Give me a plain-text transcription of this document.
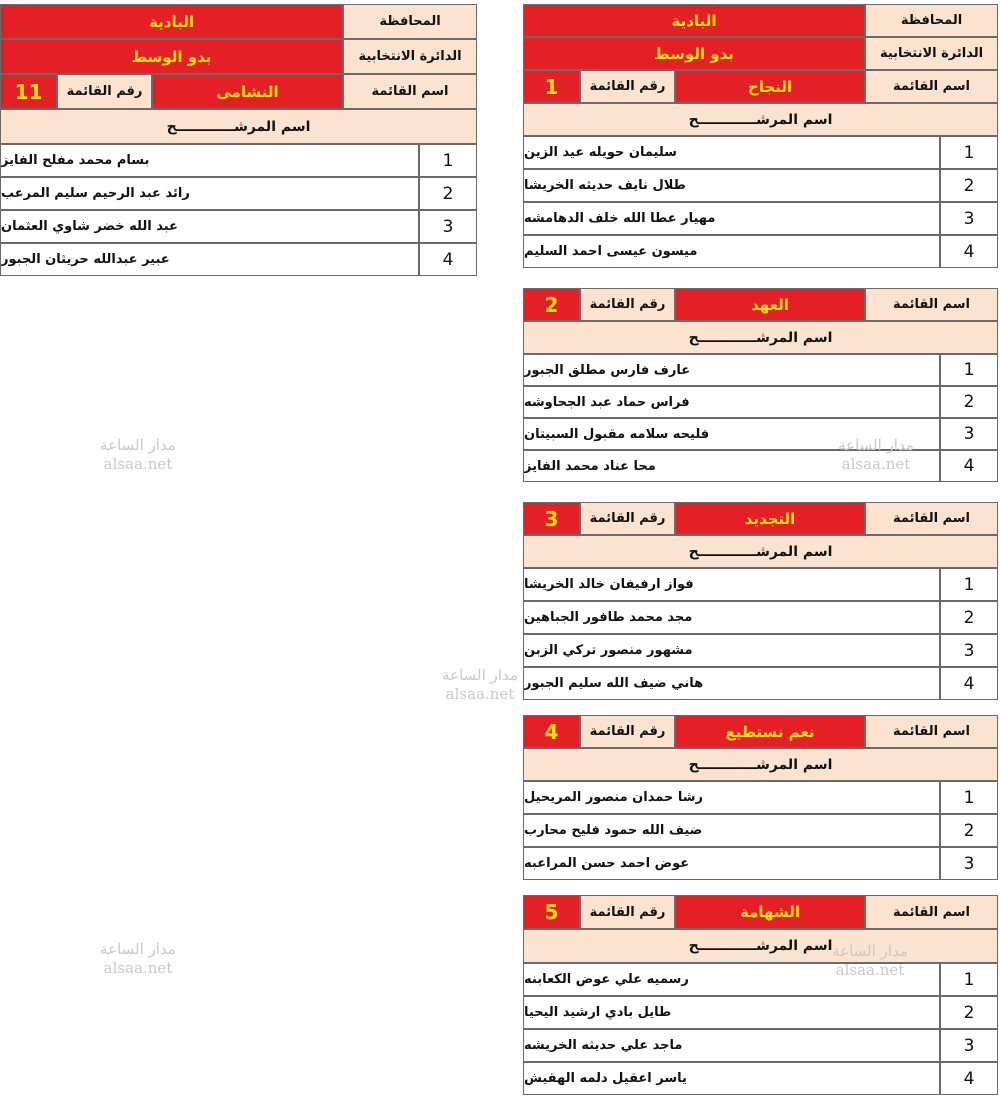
المحافظة
البادية
الدائرة الانتخابية
بدو الوسط
اسم القائمة
النجاح
رقم القائمة
1
اسم المرشــــــــــــح
1
سليمان حويله عيد الزين
2
طلال نايف حديثه الخريشا
3
مهيار عطا الله خلف الدهامشه
4
ميسون عيسى احمد السليم
اسم القائمة
العهد
رقم القائمة
2
اسم المرشــــــــــــح
1
عارف فارس مطلق الجبور
2
فراس حماد عبد الجحاوشه
3
فليحه سلامه مقبول السبيتان
4
محا عناد محمد الفايز
اسم القائمة
التجديد
رقم القائمة
3
اسم المرشــــــــــــح
1
فواز ارفيفان خالد الخريشا
2
مجد محمد طافور الجباهين
3
مشهور منصور تركي الزبن
4
هاني ضيف الله سليم الجبور
اسم القائمة
نعم نستطيع
رقم القائمة
4
اسم المرشــــــــــــح
1
رشا حمدان منصور المريحيل
2
ضيف الله حمود فليح محارب
3
عوض احمد حسن المراعبه
اسم القائمة
الشهامة
رقم القائمة
5
اسم المرشــــــــــــح
1
رسميه علي عوض الكعابنه
2
طايل بادي ارشيد اليحيا
3
ماجد علي حديثه الخريشه
4
ياسر اعقيل دلمه الهقيش
المحافظة
البادية
الدائرة الانتخابية
بدو الوسط
اسم القائمة
النشامى
رقم القائمة
11
اسم المرشــــــــــــح
1
بسام محمد مفلح الفايز
2
رائد عبد الرحيم سليم المرعب
3
عبد الله خضر شاوي العثمان
4
عبير عبدالله حريثان الجبور
مدار الساعة
alsaa.net
مدار الساعة
alsaa.net
مدار الساعة
alsaa.net
مدار الساعة
alsaa.net
مدار الساعة
alsaa.net
